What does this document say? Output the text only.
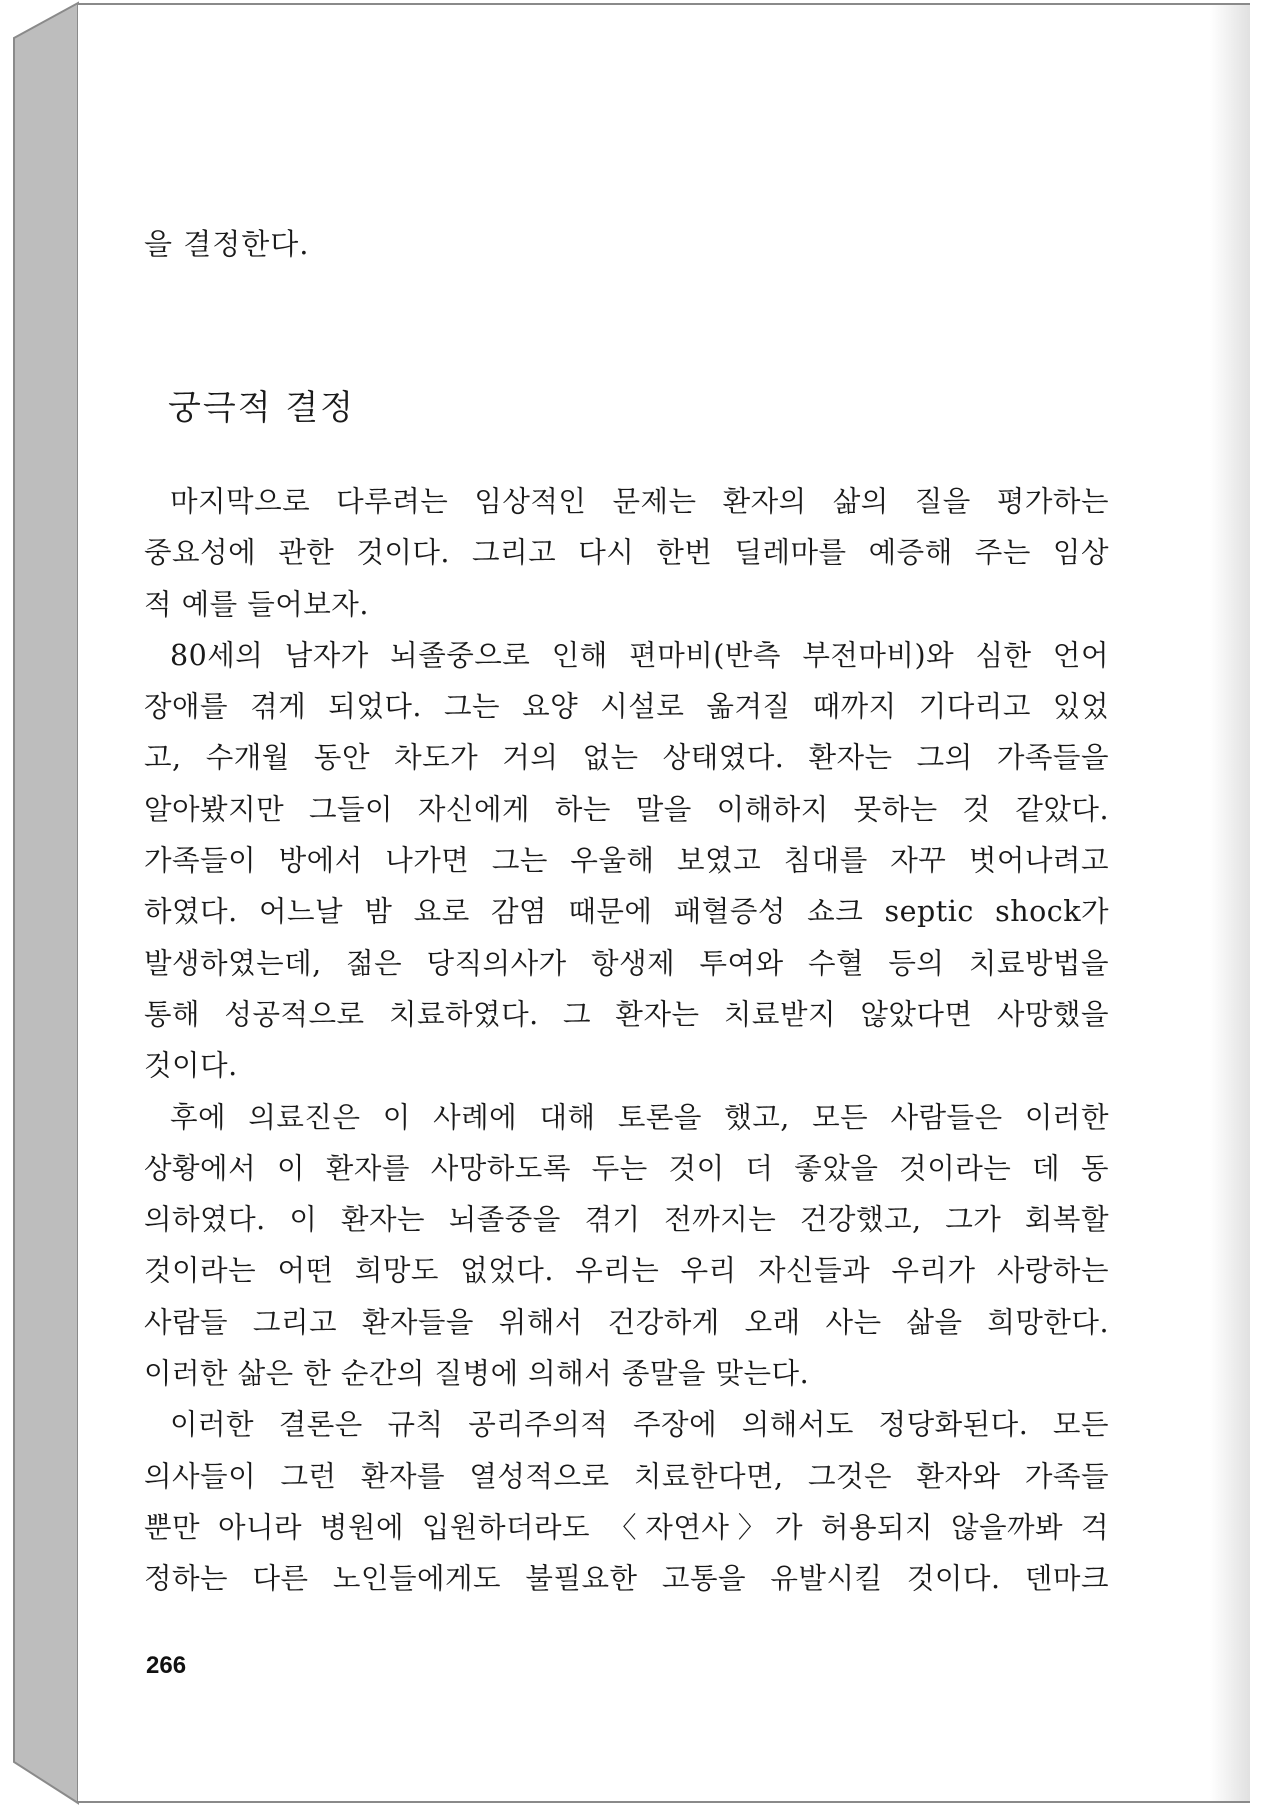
을 결정한다.
궁극적 결정
마지막으로 다루려는 임상적인 문제는 환자의 삶의 질을 평가하는
중요성에 관한 것이다. 그리고 다시 한번 딜레마를 예증해 주는 임상
적 예를 들어보자.
80세의 남자가 뇌졸중으로 인해 편마비(반측 부전마비)와 심한 언어
장애를 겪게 되었다. 그는 요양 시설로 옮겨질 때까지 기다리고 있었
고, 수개월 동안 차도가 거의 없는 상태였다. 환자는 그의 가족들을
알아봤지만 그들이 자신에게 하는 말을 이해하지 못하는 것 같았다.
가족들이 방에서 나가면 그는 우울해 보였고 침대를 자꾸 벗어나려고
하였다. 어느날 밤 요로 감염 때문에 패혈증성 쇼크 septic shock가
발생하였는데, 젊은 당직의사가 항생제 투여와 수혈 등의 치료방법을
통해 성공적으로 치료하였다. 그 환자는 치료받지 않았다면 사망했을
것이다.
후에 의료진은 이 사례에 대해 토론을 했고, 모든 사람들은 이러한
상황에서 이 환자를 사망하도록 두는 것이 더 좋았을 것이라는 데 동
의하였다. 이 환자는 뇌졸중을 겪기 전까지는 건강했고, 그가 회복할
것이라는 어떤 희망도 없었다. 우리는 우리 자신들과 우리가 사랑하는
사람들 그리고 환자들을 위해서 건강하게 오래 사는 삶을 희망한다.
이러한 삶은 한 순간의 질병에 의해서 종말을 맞는다.
이러한 결론은 규칙 공리주의적 주장에 의해서도 정당화된다. 모든
의사들이 그런 환자를 열성적으로 치료한다면, 그것은 환자와 가족들
뿐만 아니라 병원에 입원하더라도 〈자연사〉가 허용되지 않을까봐 걱
정하는 다른 노인들에게도 불필요한 고통을 유발시킬 것이다. 덴마크
266
